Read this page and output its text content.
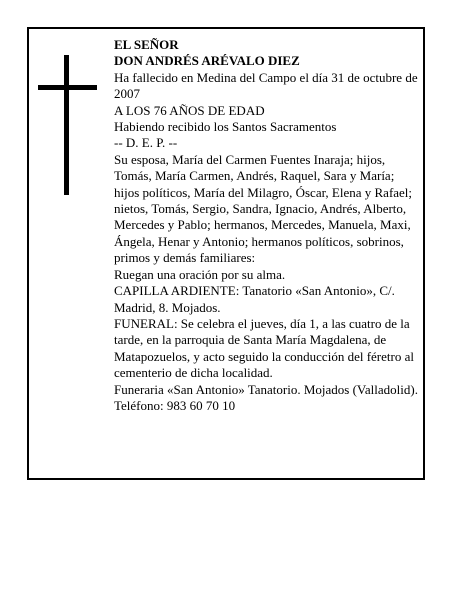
EL SEÑOR

DON ANDRÉS ARÉVALO DIEZ

Ha fallecido en Medina del Campo el día 31 de octubre de 2007

A LOS 76 AÑOS DE EDAD

Habiendo recibido los Santos Sacramentos

-- D. E. P. --

Su esposa, María del Carmen Fuentes Inaraja; hijos, Tomás, María Carmen, Andrés, Raquel, Sara y María; hijos políticos, María del Milagro, Óscar, Elena y Rafael; nietos, Tomás, Sergio, Sandra, Ignacio, Andrés, Alberto, Mercedes y Pablo; hermanos, Mercedes, Manuela, Maxi, Ángela, Henar y Antonio; hermanos políticos, sobrinos, primos y demás familiares:

Ruegan una oración por su alma.

CAPILLA ARDIENTE: Tanatorio «San Antonio», C/. Madrid, 8. Mojados.

FUNERAL: Se celebra el jueves, día 1, a las cuatro de la tarde, en la parroquia de Santa María Magdalena, de Matapozuelos, y acto seguido la conducción del féretro al cementerio de dicha localidad.

Funeraria «San Antonio» Tanatorio. Mojados (Valladolid). Teléfono: 983 60 70 10
